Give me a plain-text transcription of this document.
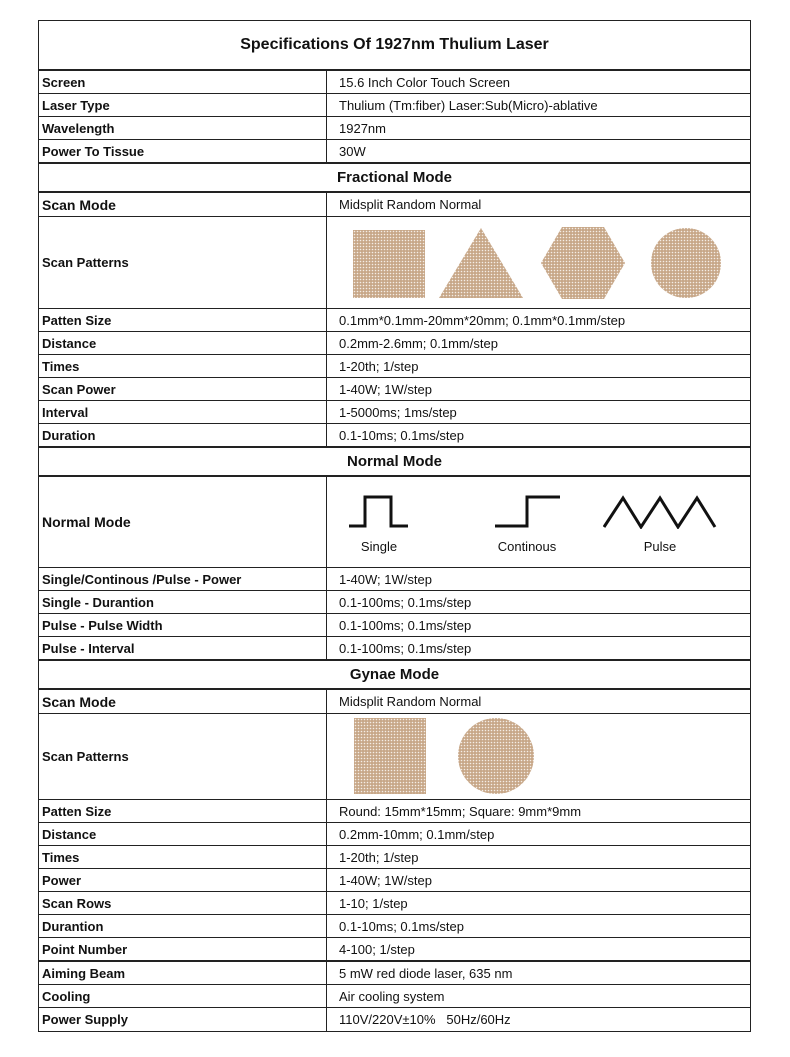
Specifications Of 1927nm Thulium Laser
Screen	15.6 Inch Color Touch Screen
Laser Type	Thulium (Tm:fiber) Laser:Sub(Micro)-ablative
Wavelength	1927nm
Power To Tissue	30W
Fractional Mode
Scan Mode	Midsplit Random Normal
Scan Patterns
Patten Size	0.1mm*0.1mm-20mm*20mm; 0.1mm*0.1mm/step
Distance	0.2mm-2.6mm; 0.1mm/step
Times	1-20th; 1/step
Scan Power	1-40W; 1W/step
Interval	1-5000ms; 1ms/step
Duration	0.1-10ms; 0.1ms/step
Normal Mode
Normal Mode
Single	Continous	Pulse
Single/Continous /Pulse - Power	1-40W; 1W/step
Single - Durantion	0.1-100ms; 0.1ms/step
Pulse - Pulse Width	0.1-100ms; 0.1ms/step
Pulse - Interval	0.1-100ms; 0.1ms/step
Gynae Mode
Scan Mode	Midsplit Random Normal
Scan Patterns
Patten Size	Round: 15mm*15mm; Square: 9mm*9mm
Distance	0.2mm-10mm; 0.1mm/step
Times	1-20th; 1/step
Power	1-40W; 1W/step
Scan Rows	1-10; 1/step
Durantion	0.1-10ms; 0.1ms/step
Point Number	4-100; 1/step
Aiming Beam	5 mW red diode laser, 635 nm
Cooling	Air cooling system
Power Supply	110V/220V±10%   50Hz/60Hz
